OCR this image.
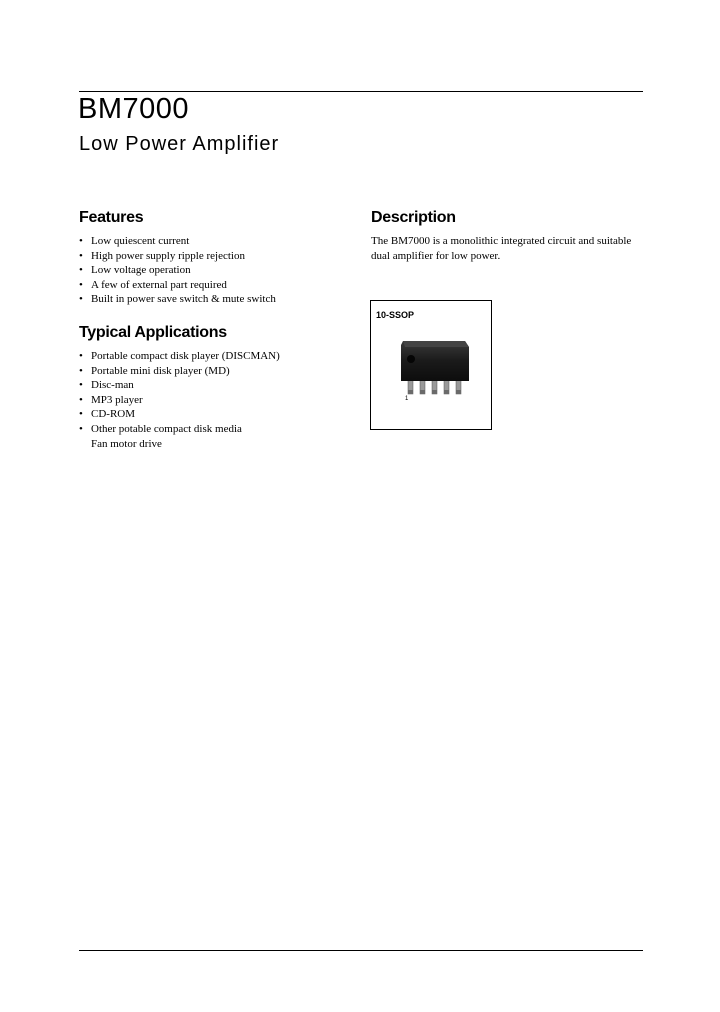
BM7000
Low Power Amplifier
Features
• Low quiescent current
• High power supply ripple rejection
• Low voltage operation
• A few of external part required
• Built in power save switch & mute switch
Typical Applications
• Portable compact disk player (DISCMAN)
• Portable mini disk player (MD)
• Disc-man
• MP3 player
• CD-ROM
• Other potable compact disk media
Fan motor drive
Description

The BM7000 is a monolithic integrated circuit and suitable dual amplifier for low power.

10-SSOP
1
